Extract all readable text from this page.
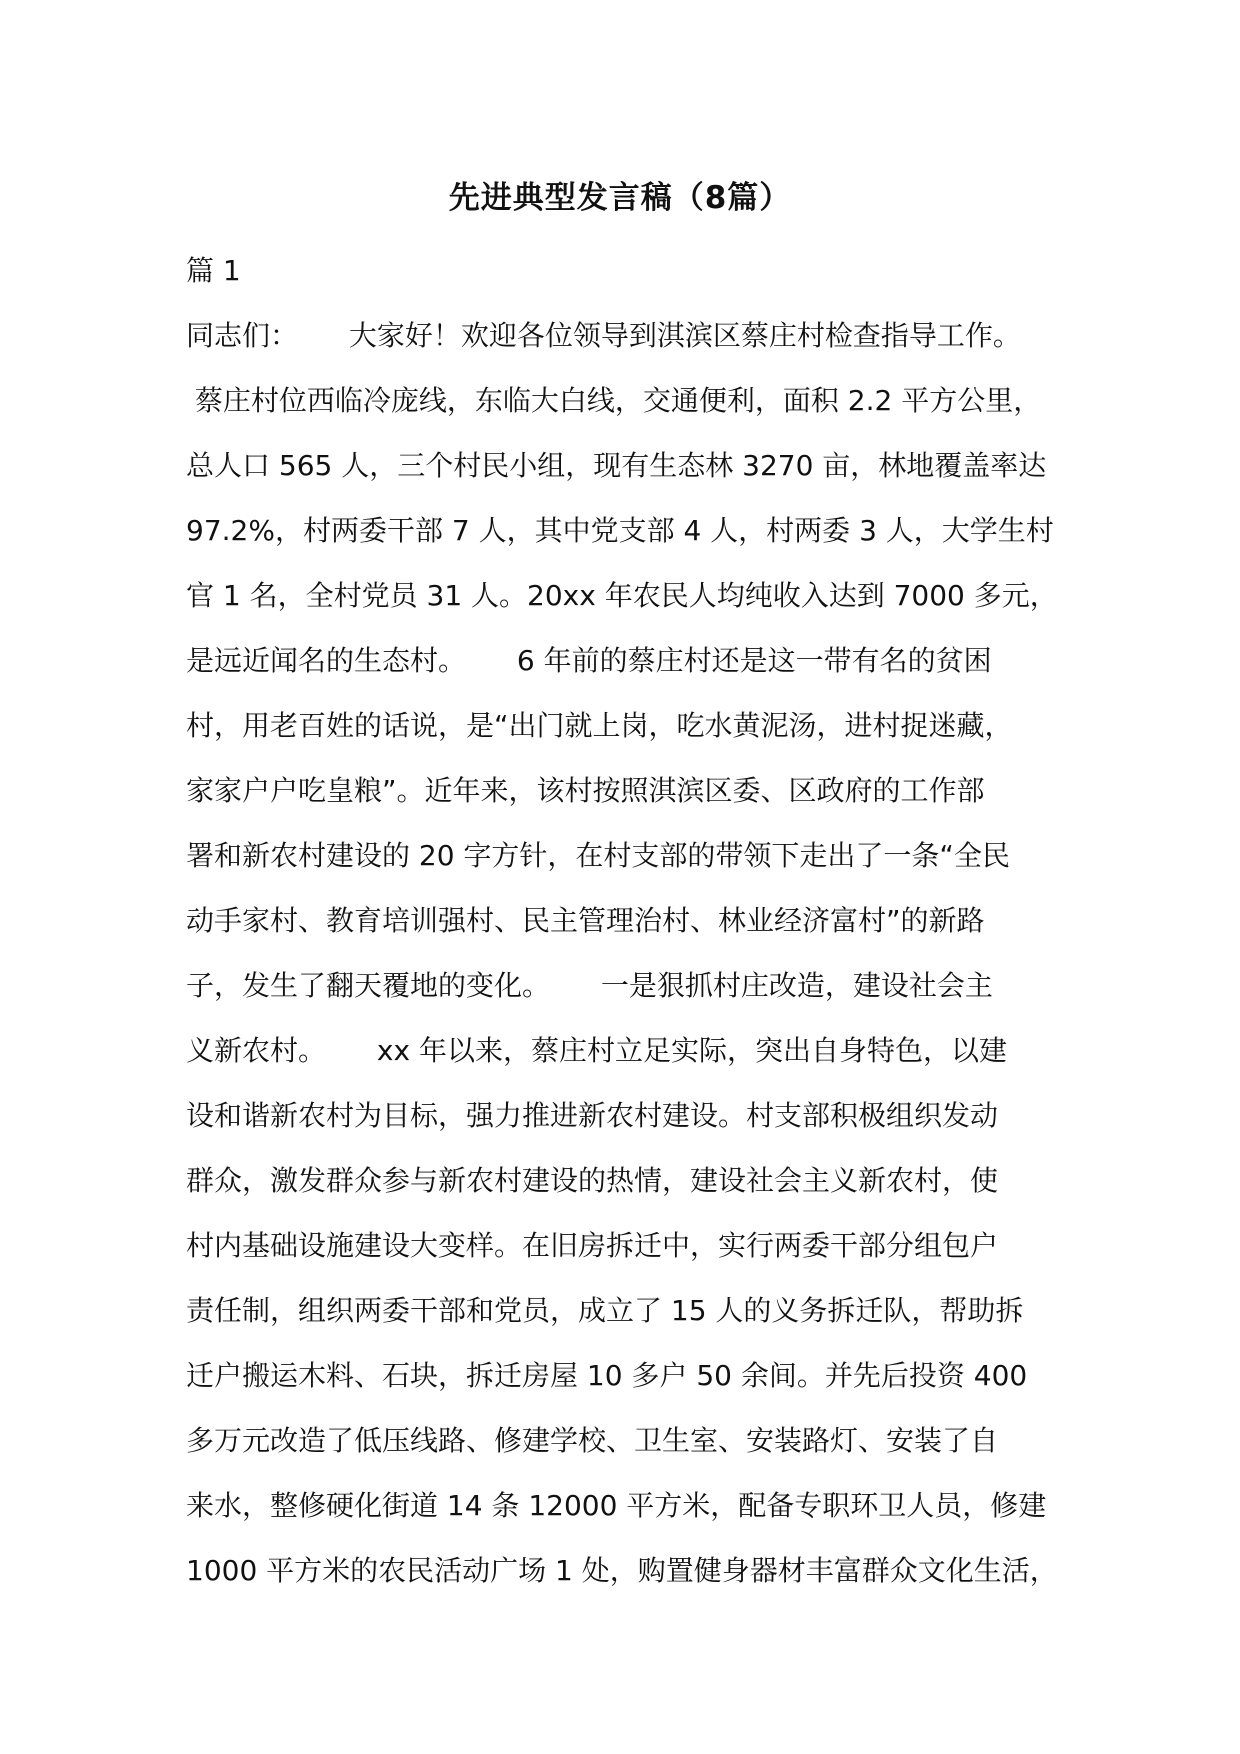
先进典型发言稿（8篇）
篇 1
同志们：　　 大家好！欢迎各位领导到淇滨区蔡庄村检查指导工作。
蔡庄村位西临冷庞线，东临大白线，交通便利，面积 2.2 平方公里，
总人口 565 人，三个村民小组，现有生态林 3270 亩，林地覆盖率达
97.2%，村两委干部 7 人，其中党支部 4 人，村两委 3 人，大学生村
官 1 名，全村党员 31 人。20xx 年农民人均纯收入达到 7000 多元，
是远近闻名的生态村。　　 6 年前的蔡庄村还是这一带有名的贫困
村，用老百姓的话说，是“出门就上岗，吃水黄泥汤，进村捉迷藏，
家家户户吃皇粮”。近年来，该村按照淇滨区委、区政府的工作部
署和新农村建设的 20 字方针，在村支部的带领下走出了一条“全民
动手家村、教育培训强村、民主管理治村、林业经济富村”的新路
子，发生了翻天覆地的变化。　　 一是狠抓村庄改造，建设社会主
义新农村。　　 xx 年以来，蔡庄村立足实际，突出自身特色，以建
设和谐新农村为目标，强力推进新农村建设。村支部积极组织发动
群众，激发群众参与新农村建设的热情，建设社会主义新农村，使
村内基础设施建设大变样。在旧房拆迁中，实行两委干部分组包户
责任制，组织两委干部和党员，成立了 15 人的义务拆迁队，帮助拆
迁户搬运木料、石块，拆迁房屋 10 多户 50 余间。并先后投资 400
多万元改造了低压线路、修建学校、卫生室、安装路灯、安装了自
来水，整修硬化街道 14 条 12000 平方米，配备专职环卫人员，修建
1000 平方米的农民活动广场 1 处，购置健身器材丰富群众文化生活，
